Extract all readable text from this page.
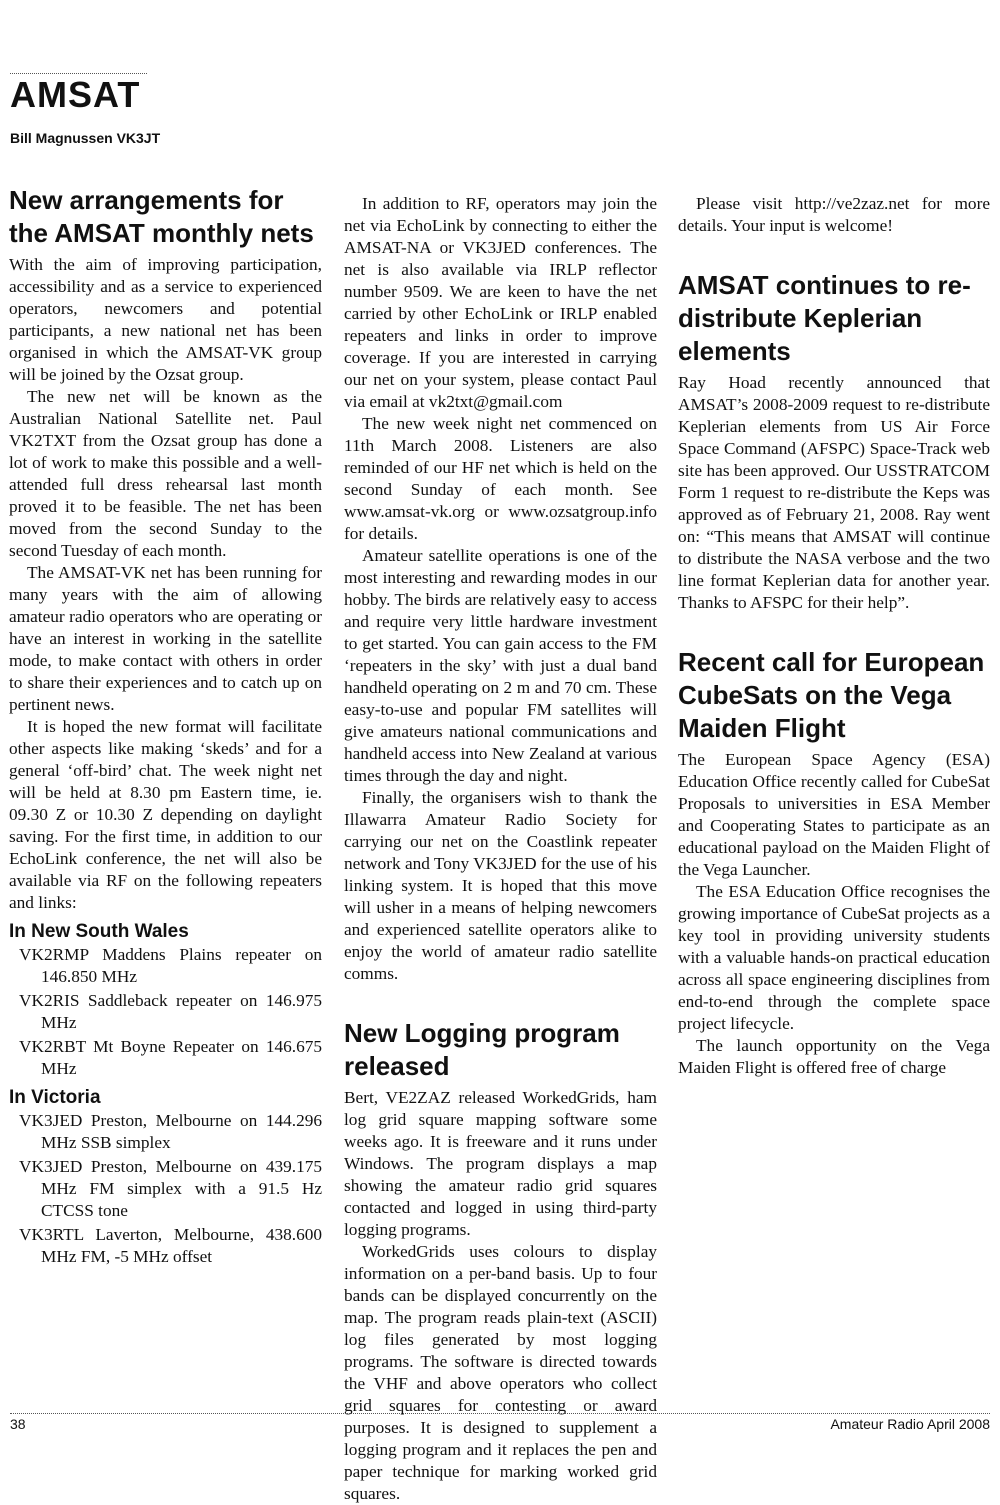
AMSAT
Bill Magnussen VK3JT
New arrangements for the AMSAT monthly nets

With the aim of improving participation, accessibility and as a service to experienced operators, newcomers and potential participants, a new national net has been organised in which the AMSAT-VK group will be joined by the Ozsat group.

The new net will be known as the Australian National Satellite net. Paul VK2TXT from the Ozsat group has done a lot of work to make this possible and a well-attended full dress rehearsal last month proved it to be feasible. The net has been moved from the second Sunday to the second Tuesday of each month.

The AMSAT-VK net has been running for many years with the aim of allowing amateur radio operators who are operating or have an interest in working in the satellite mode, to make contact with others in order to share their experiences and to catch up on pertinent news.

It is hoped the new format will facilitate other aspects like making ‘skeds’ and for a general ‘off-bird’ chat. The week night net will be held at 8.30 pm Eastern time, ie. 09.30 Z or 10.30 Z depending on daylight saving. For the first time, in addition to our EchoLink conference, the net will also be available via RF on the following repeaters and links:

In New South Wales
VK2RMP Maddens Plains repeater on 146.850 MHz
VK2RIS Saddleback repeater on 146.975 MHz
VK2RBT Mt Boyne Repeater on 146.675 MHz
In Victoria
VK3JED Preston, Melbourne on 144.296 MHz SSB simplex
VK3JED Preston, Melbourne on 439.175 MHz FM simplex with a 91.5 Hz CTCSS tone
VK3RTL Laverton, Melbourne, 438.600 MHz FM, -5 MHz offset

In addition to RF, operators may join the net via EchoLink by connecting to either the AMSAT-NA or VK3JED conferences. The net is also available via IRLP reflector number 9509. We are keen to have the net carried by other EchoLink or IRLP enabled repeaters and links in order to improve coverage. If you are interested in carrying our net on your system, please contact Paul via email at vk2txt@gmail.com

The new week night net commenced on 11th March 2008. Listeners are also reminded of our HF net which is held on the second Sunday of each month. See www.amsat-vk.org or www.ozsatgroup.info for details.

Amateur satellite operations is one of the most interesting and rewarding modes in our hobby. The birds are relatively easy to access and require very little hardware investment to get started. You can gain access to the FM ‘repeaters in the sky’ with just a dual band handheld operating on 2 m and 70 cm. These easy-to-use and popular FM satellites will give amateurs national communications and handheld access into New Zealand at various times through the day and night.

Finally, the organisers wish to thank the Illawarra Amateur Radio Society for carrying our net on the Coastlink repeater network and Tony VK3JED for the use of his linking system. It is hoped that this move will usher in a means of helping newcomers and experienced satellite operators alike to enjoy the world of amateur radio satellite comms.

New Logging program released

Bert, VE2ZAZ released WorkedGrids, ham log grid square mapping software some weeks ago. It is freeware and it runs under Windows. The program displays a map showing the amateur radio grid squares contacted and logged in using third-party logging programs.

WorkedGrids uses colours to display information on a per-band basis. Up to four bands can be displayed concurrently on the map. The program reads plain-text (ASCII) log files generated by most logging programs. The software is directed towards the VHF and above operators who collect grid squares for contesting or award purposes. It is designed to supplement a logging program and it replaces the pen and paper technique for marking worked grid squares.

Please visit http://ve2zaz.net for more details. Your input is welcome!

AMSAT continues to re-distribute Keplerian elements

Ray Hoad recently announced that AMSAT’s 2008-2009 request to re-distribute Keplerian elements from US Air Force Space Command (AFSPC) Space-Track web site has been approved. Our USSTRATCOM Form 1 request to re-distribute the Keps was approved as of February 21, 2008. Ray went on: “This means that AMSAT will continue to distribute the NASA verbose and the two line format Keplerian data for another year. Thanks to AFSPC for their help”.

Recent call for European CubeSats on the Vega Maiden Flight

The European Space Agency (ESA) Education Office recently called for CubeSat Proposals to universities in ESA Member and Cooperating States to participate as an educational payload on the Maiden Flight of the Vega Launcher.

The ESA Education Office recognises the growing importance of CubeSat projects as a key tool in providing university students with a valuable hands-on practical education across all space engineering disciplines from end-to-end through the complete space project lifecycle.

The launch opportunity on the Vega Maiden Flight is offered free of charge

38	Amateur Radio April 2008
